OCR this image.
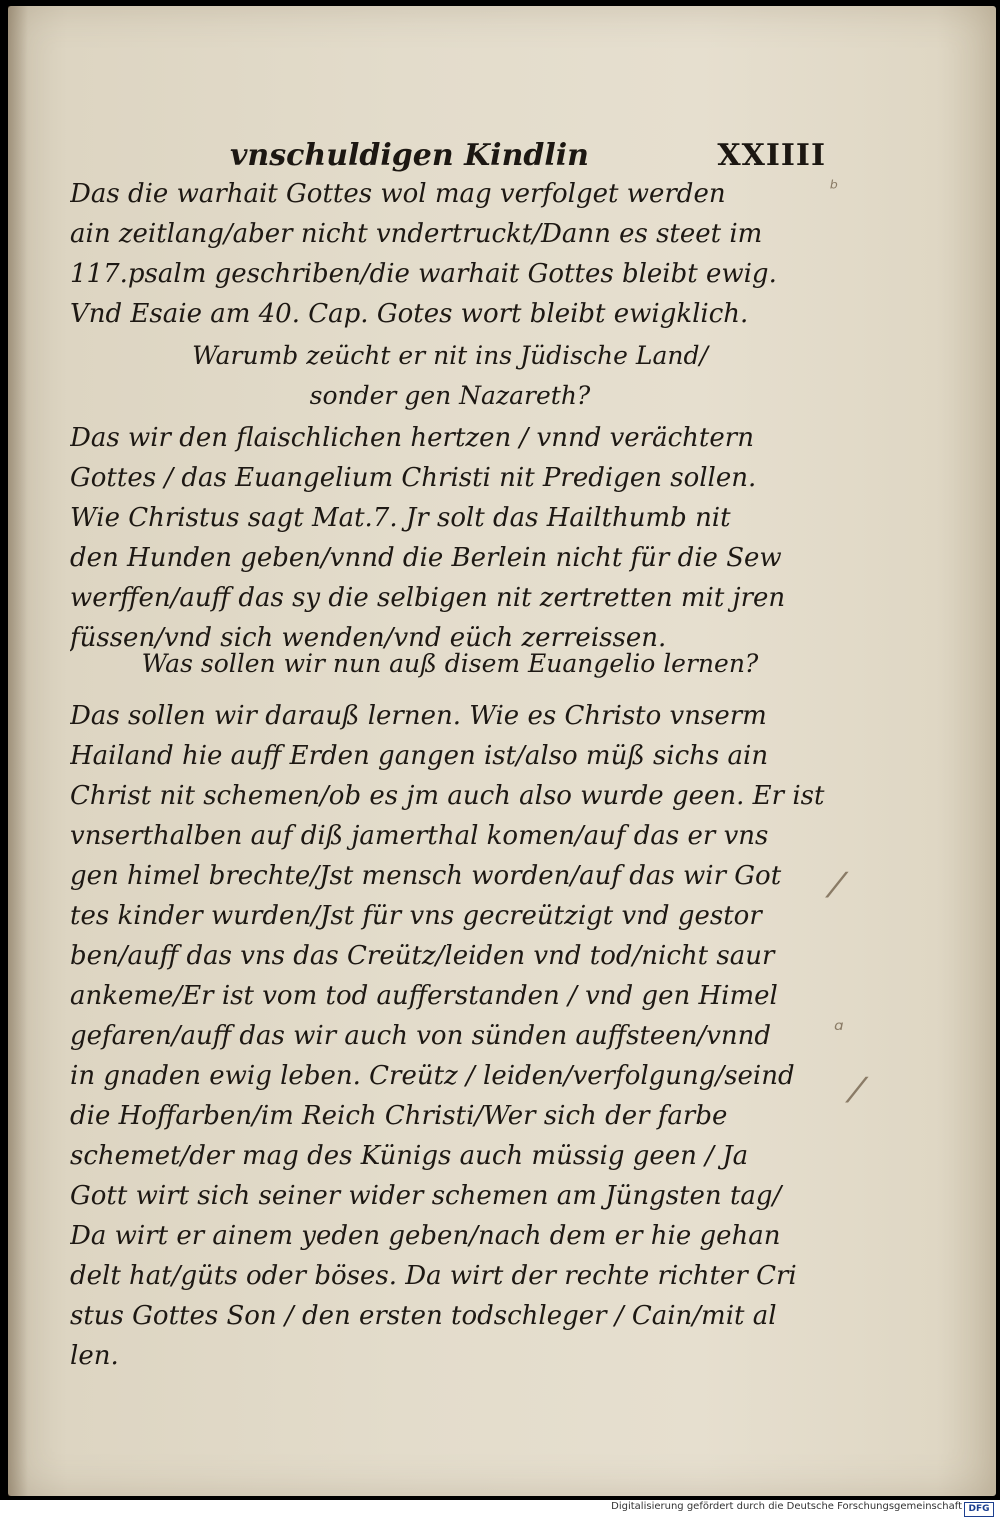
vnschuldigen Kindlin	XXIIII
Das die warhait Gottes wol mag verfolget werden
ain zeitlang/aber nicht vndertruckt/Dann es steet im
117.psalm geschriben/die warhait Gottes bleibt ewig.
Vnd Esaie am 40. Cap. Gotes wort bleibt ewigklich.
Warumb zeücht er nit ins Jüdische Land/
sonder gen Nazareth?
Das wir den flaischlichen hertzen / vnnd verächtern
Gottes / das Euangelium Christi nit Predigen sollen.
Wie Christus sagt Mat.7. Jr solt das Hailthumb nit
den Hunden geben/vnnd die Berlein nicht für die Sew
werffen/auff das sy die selbigen nit zertretten mit jren
füssen/vnd sich wenden/vnd eüch zerreissen.
Was sollen wir nun auß disem Euangelio lernen?
Das sollen wir darauß lernen. Wie es Christo vnserm
Hailand hie auff Erden gangen ist/also müß sichs ain
Christ nit schemen/ob es jm auch also wurde geen. Er ist
vnserthalben auf diß jamerthal komen/auf das er vns
gen himel brechte/Jst mensch worden/auf das wir Got
tes kinder wurden/Jst für vns gecreützigt vnd gestor
ben/auff das vns das Creütz/leiden vnd tod/nicht saur
ankeme/Er ist vom tod aufferstanden / vnd gen Himel
gefaren/auff das wir auch von sünden auffsteen/vnnd
in gnaden ewig leben. Creütz / leiden/verfolgung/seind
die Hoffarben/im Reich Christi/Wer sich der farbe
schemet/der mag des Künigs auch müssig geen / Ja
Gott wirt sich seiner wider schemen am Jüngsten tag/
Da wirt er ainem yeden geben/nach dem er hie gehan
delt hat/güts oder böses. Da wirt der rechte richter Cri
stus Gottes Son / den ersten todschleger / Cain/mit al
len.
ᵇ
⁄
ᵅ
⁄
Digitalisierung gefördert durch die Deutsche Forschungsgemeinschaft DFG
